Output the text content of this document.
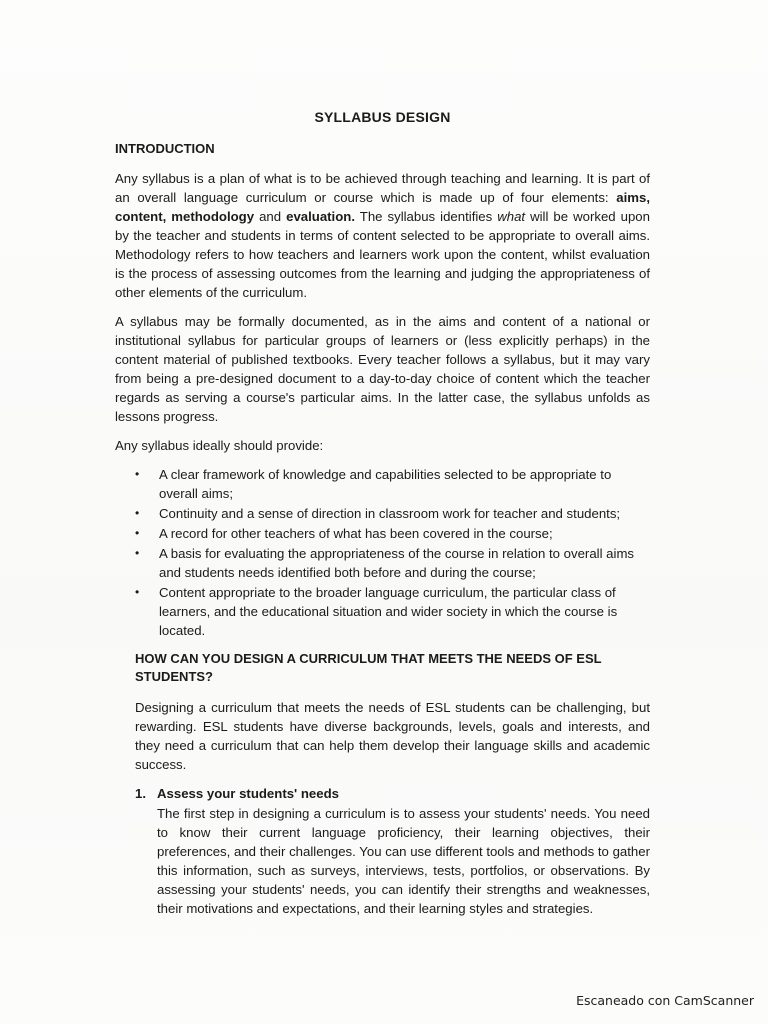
SYLLABUS DESIGN
INTRODUCTION

Any syllabus is a plan of what is to be achieved through teaching and learning. It is part of an overall language curriculum or course which is made up of four elements: aims, content, methodology and evaluation. The syllabus identifies what will be worked upon by the teacher and students in terms of content selected to be appropriate to overall aims. Methodology refers to how teachers and learners work upon the content, whilst evaluation is the process of assessing outcomes from the learning and judging the appropriateness of other elements of the curriculum.

A syllabus may be formally documented, as in the aims and content of a national or institutional syllabus for particular groups of learners or (less explicitly perhaps) in the content material of published textbooks. Every teacher follows a syllabus, but it may vary from being a pre-designed document to a day-to-day choice of content which the teacher regards as serving a course's particular aims. In the latter case, the syllabus unfolds as lessons progress.

Any syllabus ideally should provide:

• A clear framework of knowledge and capabilities selected to be appropriate to overall aims;
• Continuity and a sense of direction in classroom work for teacher and students;
• A record for other teachers of what has been covered in the course;
• A basis for evaluating the appropriateness of the course in relation to overall aims and students needs identified both before and during the course;
• Content appropriate to the broader language curriculum, the particular class of learners, and the educational situation and wider society in which the course is located.
HOW CAN YOU DESIGN A CURRICULUM THAT MEETS THE NEEDS OF ESL STUDENTS?

Designing a curriculum that meets the needs of ESL students can be challenging, but rewarding. ESL students have diverse backgrounds, levels, goals and interests, and they need a curriculum that can help them develop their language skills and academic success.

1. Assess your students' needs
The first step in designing a curriculum is to assess your students' needs. You need to know their current language proficiency, their learning objectives, their preferences, and their challenges. You can use different tools and methods to gather this information, such as surveys, interviews, tests, portfolios, or observations. By assessing your students' needs, you can identify their strengths and weaknesses, their motivations and expectations, and their learning styles and strategies.
Escaneado con CamScanner
